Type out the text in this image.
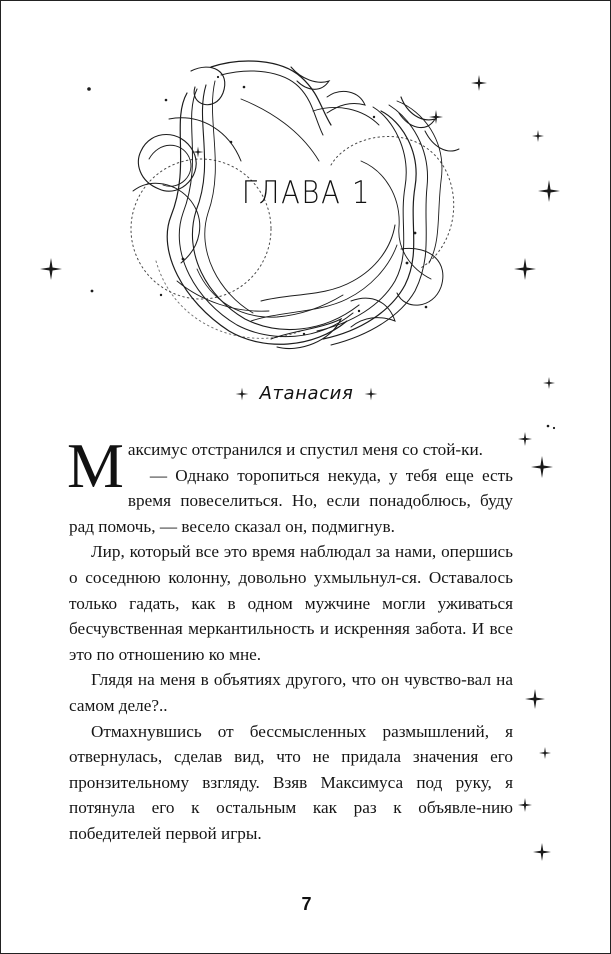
ГЛАВА 1
Атанасия

Максимус отстранился и спустил меня со стой-ки.

— Однако торопиться некуда, у тебя еще есть время повеселиться. Но, если понадоблюсь, буду рад помочь, — весело сказал он, подмигнув.

Лир, который все это время наблюдал за нами, опершись о соседнюю колонну, довольно ухмыльнул-ся. Оставалось только гадать, как в одном мужчине могли уживаться бесчувственная меркантильность и искренняя забота. И все это по отношению ко мне.

Глядя на меня в объятиях другого, что он чувство-вал на самом деле?..

Отмахнувшись от бессмысленных размышлений, я отвернулась, сделав вид, что не придала значения его пронзительному взгляду. Взяв Максимуса под руку, я потянула его к остальным как раз к объявле-нию победителей первой игры.

7
